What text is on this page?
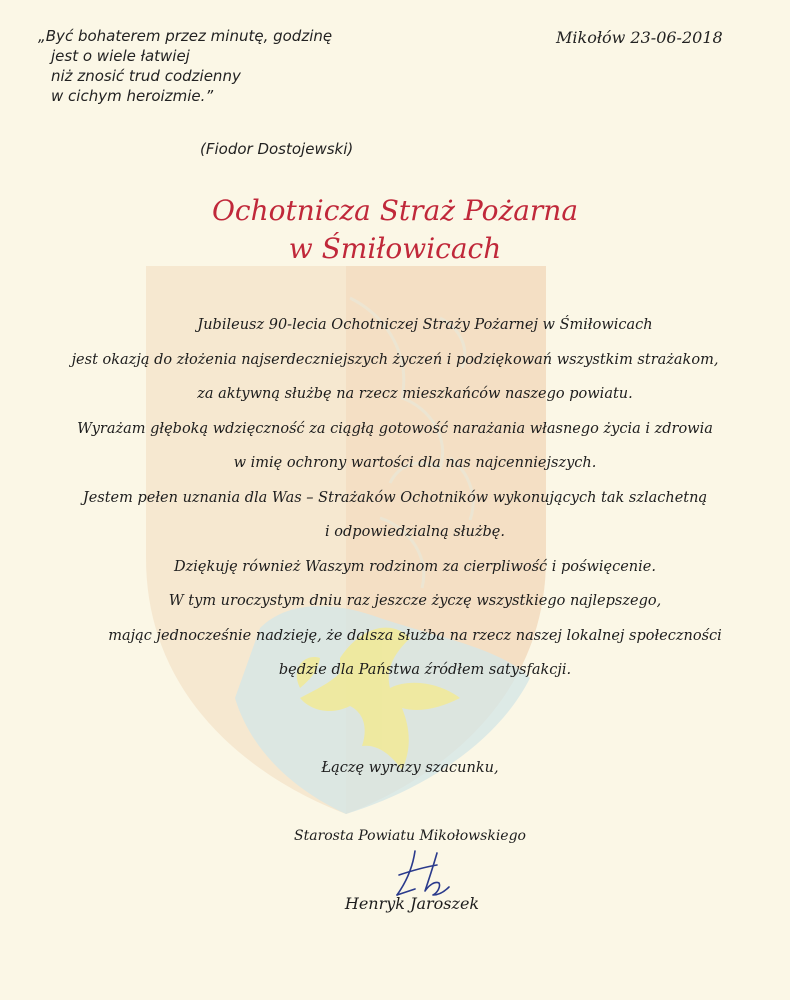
„Być bohaterem przez minutę, godzinę
jest o wiele łatwiej
niż znosić trud codzienny
w cichym heroizmie.”
(Fiodor Dostojewski)
Mikołów 23-06-2018
Ochotnicza Straż Pożarna
w Śmiłowicach
Jubileusz 90-lecia Ochotniczej Straży Pożarnej w Śmiłowicach
jest okazją do złożenia najserdeczniejszych życzeń i podziękowań wszystkim strażakom,
za aktywną służbę na rzecz mieszkańców naszego powiatu.
Wyrażam głęboką wdzięczność za ciągłą gotowość narażania własnego życia i zdrowia
w imię ochrony wartości dla nas najcenniejszych.
Jestem pełen uznania dla Was – Strażaków Ochotników wykonujących tak szlachetną
i odpowiedzialną służbę.
Dziękuję również Waszym rodzinom za cierpliwość i poświęcenie.
W tym uroczystym dniu raz jeszcze życzę wszystkiego najlepszego,
mając jednocześnie nadzieję, że dalsza służba na rzecz naszej lokalnej społeczności
będzie dla Państwa źródłem satysfakcji.
Łączę wyrazy szacunku,
Starosta Powiatu Mikołowskiego
Henryk Jaroszek
